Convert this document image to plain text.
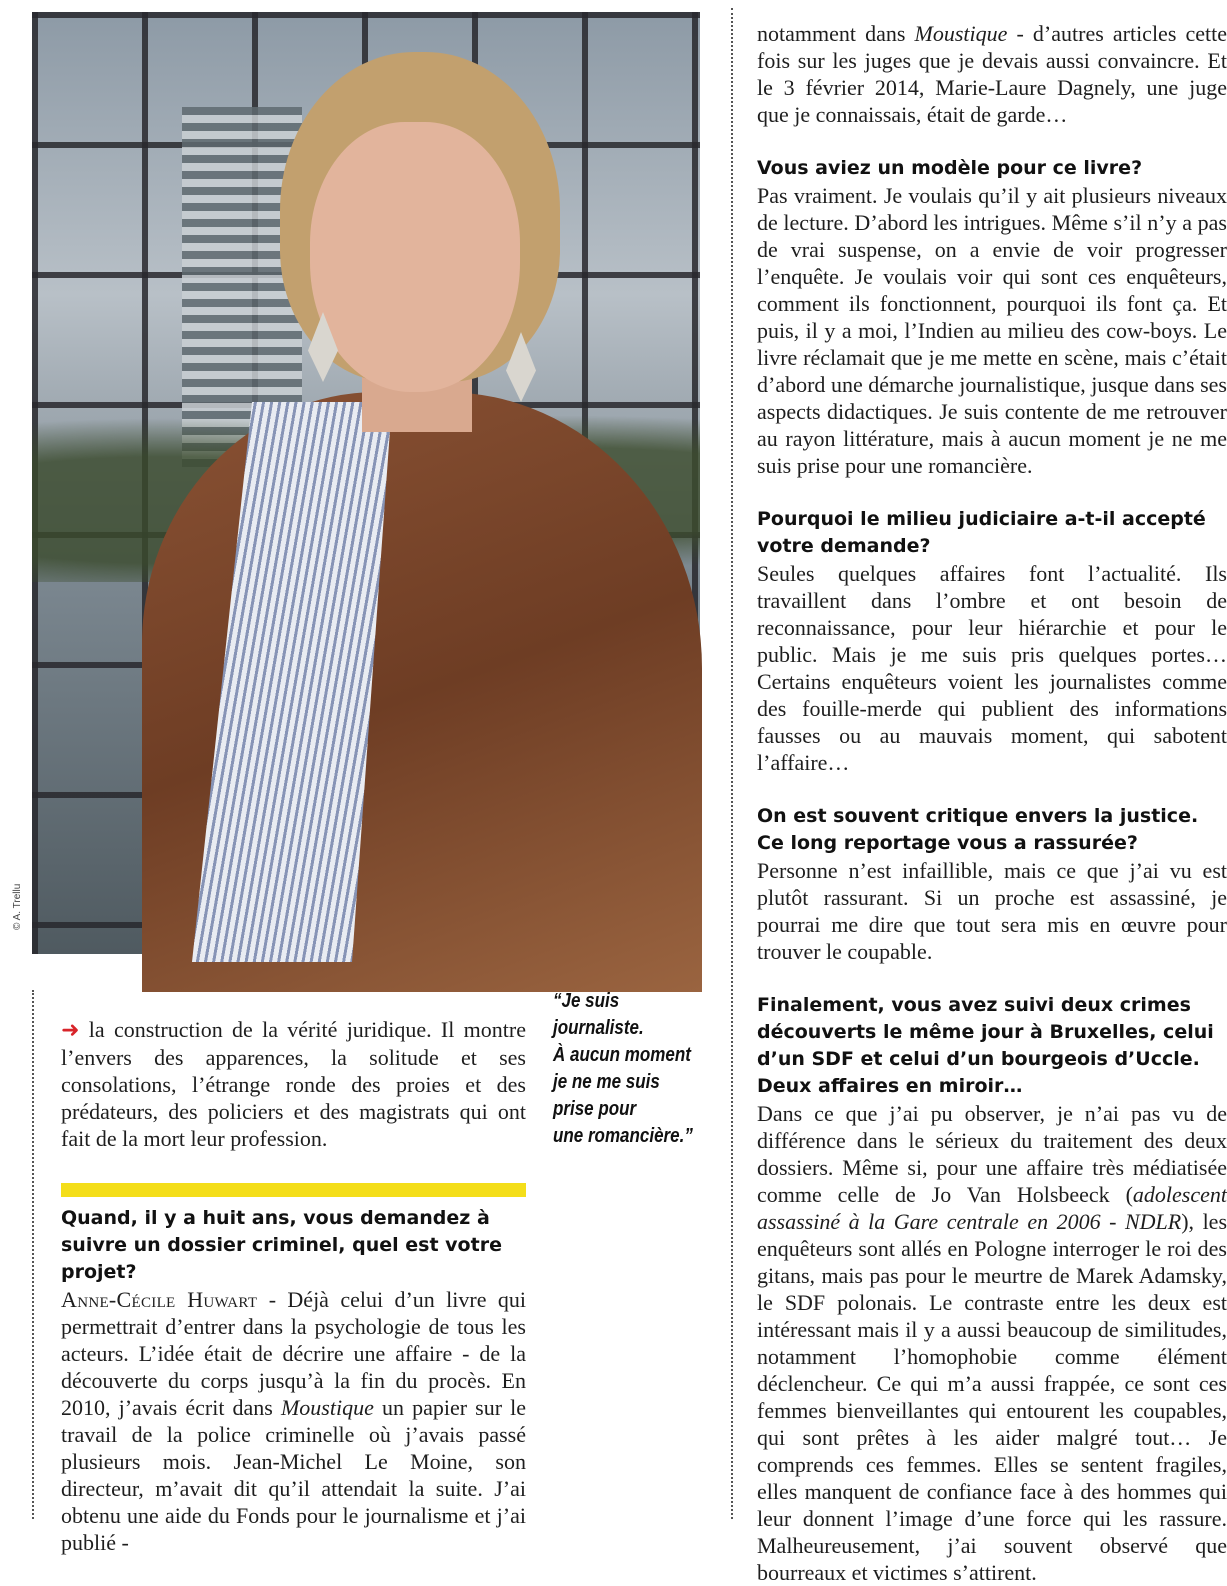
© A. Trellu

➜ la construction de la vérité juridique. Il montre l’envers des apparences, la solitude et ses consolations, l’étrange ronde des proies et des prédateurs, des policiers et des magistrats qui ont fait de la mort leur profession.

“Je suis
journaliste.
À aucun moment
je ne me suis
prise pour
une romancière.”
Quand, il y a huit ans, vous demandez à suivre un dossier criminel, quel est votre projet?

Anne-Cécile Huwart - Déjà celui d’un livre qui permettrait d’entrer dans la psychologie de tous les acteurs. L’idée était de décrire une affaire - de la découverte du corps jusqu’à la fin du procès. En 2010, j’avais écrit dans Moustique un papier sur le travail de la police criminelle où j’avais passé plusieurs mois. Jean-Michel Le Moine, son directeur, m’avait dit qu’il attendait la suite. J’ai obtenu une aide du Fonds pour le journalisme et j’ai publié -

notamment dans Moustique - d’autres articles cette fois sur les juges que je devais aussi convaincre. Et le 3 février 2014, Marie-Laure Dagnely, une juge que je connaissais, était de garde…

Vous aviez un modèle pour ce livre?

Pas vraiment. Je voulais qu’il y ait plusieurs niveaux de lecture. D’abord les intrigues. Même s’il n’y a pas de vrai suspense, on a envie de voir progresser l’enquête. Je voulais voir qui sont ces enquêteurs, comment ils fonctionnent, pourquoi ils font ça. Et puis, il y a moi, l’Indien au milieu des cow-boys. Le livre réclamait que je me mette en scène, mais c’était d’abord une démarche journalistique, jusque dans ses aspects didactiques. Je suis contente de me retrouver au rayon littérature, mais à aucun moment je ne me suis prise pour une romancière.

Pourquoi le milieu judiciaire a-t-il accepté votre demande?

Seules quelques affaires font l’actualité. Ils travaillent dans l’ombre et ont besoin de reconnaissance, pour leur hiérarchie et pour le public. Mais je me suis pris quelques portes… Certains enquêteurs voient les journalistes comme des fouille-merde qui publient des informations fausses ou au mauvais moment, qui sabotent l’affaire…

On est souvent critique envers la justice. Ce long reportage vous a rassurée?

Personne n’est infaillible, mais ce que j’ai vu est plutôt rassurant. Si un proche est assassiné, je pourrai me dire que tout sera mis en œuvre pour trouver le coupable.

Finalement, vous avez suivi deux crimes découverts le même jour à Bruxelles, celui d’un SDF et celui d’un bourgeois d’Uccle. Deux affaires en miroir…

Dans ce que j’ai pu observer, je n’ai pas vu de différence dans le sérieux du traitement des deux dossiers. Même si, pour une affaire très médiatisée comme celle de Jo Van Holsbeeck (adolescent assassiné à la Gare centrale en 2006 - NDLR), les enquêteurs sont allés en Pologne interroger le roi des gitans, mais pas pour le meurtre de Marek Adamsky, le SDF polonais. Le contraste entre les deux est intéressant mais il y a aussi beaucoup de similitudes, notamment l’homophobie comme élément déclencheur. Ce qui m’a aussi frappée, ce sont ces femmes bienveillantes qui entourent les coupables, qui sont prêtes à les aider malgré tout… Je comprends ces femmes. Elles se sentent fragiles, elles manquent de confiance face à des hommes qui leur donnent l’image d’une force qui les rassure. Malheureusement, j’ai souvent observé que bourreaux et victimes s’attirent.
